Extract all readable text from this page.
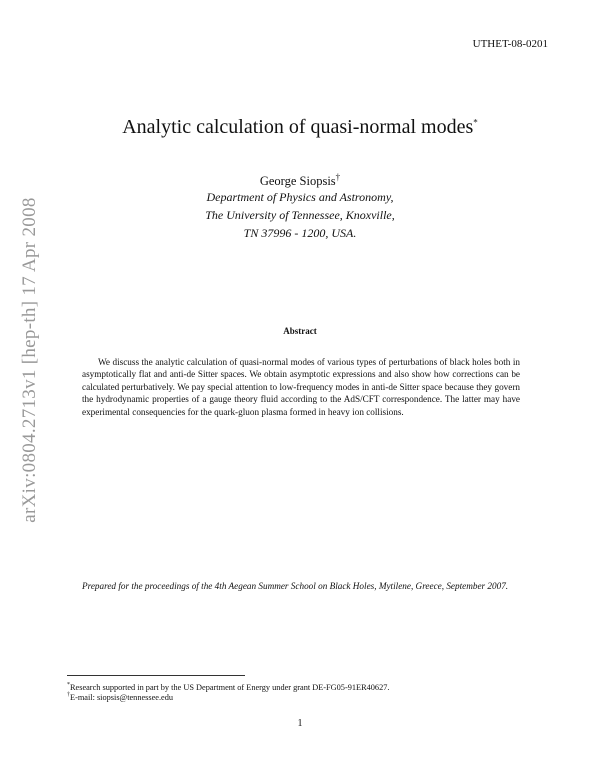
UTHET-08-0201
Analytic calculation of quasi-normal modes*
George Siopsis†
Department of Physics and Astronomy,
The University of Tennessee, Knoxville,
TN 37996 - 1200, USA.
Abstract
We discuss the analytic calculation of quasi-normal modes of various types of perturbations of black holes both in asymptotically flat and anti-de Sitter spaces. We obtain asymptotic expressions and also show how corrections can be calculated perturbatively. We pay special attention to low-frequency modes in anti-de Sitter space because they govern the hydrodynamic properties of a gauge theory fluid according to the AdS/CFT correspondence. The latter may have experimental consequencies for the quark-gluon plasma formed in heavy ion collisions.
Prepared for the proceedings of the 4th Aegean Summer School on Black Holes, Mytilene, Greece, September 2007.
*Research supported in part by the US Department of Energy under grant DE-FG05-91ER40627.
†E-mail: siopsis@tennessee.edu
1
arXiv:0804.2713v1 [hep-th] 17 Apr 2008
